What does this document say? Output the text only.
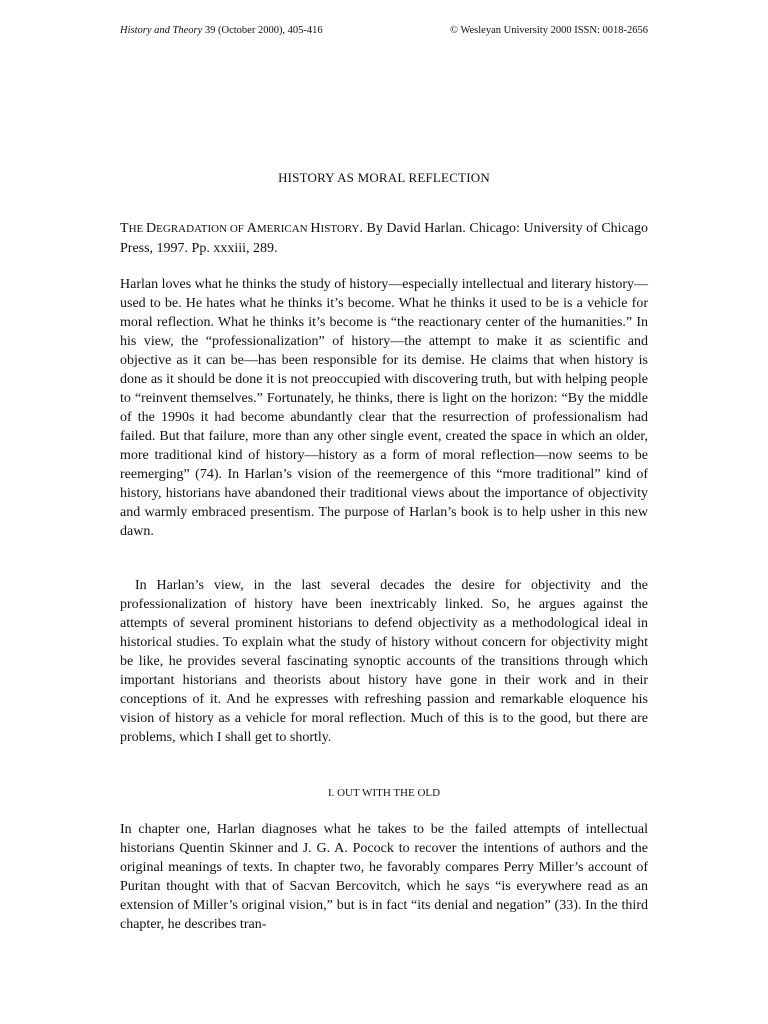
History and Theory 39 (October 2000), 405-416	© Wesleyan University 2000 ISSN: 0018-2656
HISTORY AS MORAL REFLECTION
THE DEGRADATION OF AMERICAN HISTORY. By David Harlan. Chicago: University of Chicago Press, 1997. Pp. xxxiii, 289.

Harlan loves what he thinks the study of history—especially intellectual and literary history—used to be. He hates what he thinks it’s become. What he thinks it used to be is a vehicle for moral reflection. What he thinks it’s become is “the reactionary center of the humanities.” In his view, the “professionalization” of history—the attempt to make it as scientific and objective as it can be—has been responsible for its demise. He claims that when history is done as it should be done it is not preoccupied with discovering truth, but with helping people to “reinvent themselves.” Fortunately, he thinks, there is light on the horizon: “By the middle of the 1990s it had become abundantly clear that the resurrection of professionalism had failed. But that failure, more than any other single event, created the space in which an older, more traditional kind of history—history as a form of moral reflection—now seems to be reemerging” (74). In Harlan’s vision of the reemergence of this “more traditional” kind of history, historians have abandoned their traditional views about the importance of objectivity and warmly embraced presentism. The purpose of Harlan’s book is to help usher in this new dawn.

In Harlan’s view, in the last several decades the desire for objectivity and the professionalization of history have been inextricably linked. So, he argues against the attempts of several prominent historians to defend objectivity as a methodological ideal in historical studies. To explain what the study of history without concern for objectivity might be like, he provides several fascinating synoptic accounts of the transitions through which important historians and theorists about history have gone in their work and in their conceptions of it. And he expresses with refreshing passion and remarkable eloquence his vision of history as a vehicle for moral reflection. Much of this is to the good, but there are problems, which I shall get to shortly.

I. OUT WITH THE OLD

In chapter one, Harlan diagnoses what he takes to be the failed attempts of intellectual historians Quentin Skinner and J. G. A. Pocock to recover the intentions of authors and the original meanings of texts. In chapter two, he favorably compares Perry Miller’s account of Puritan thought with that of Sacvan Bercovitch, which he says “is everywhere read as an extension of Miller’s original vision,” but is in fact “its denial and negation” (33). In the third chapter, he describes tran-
